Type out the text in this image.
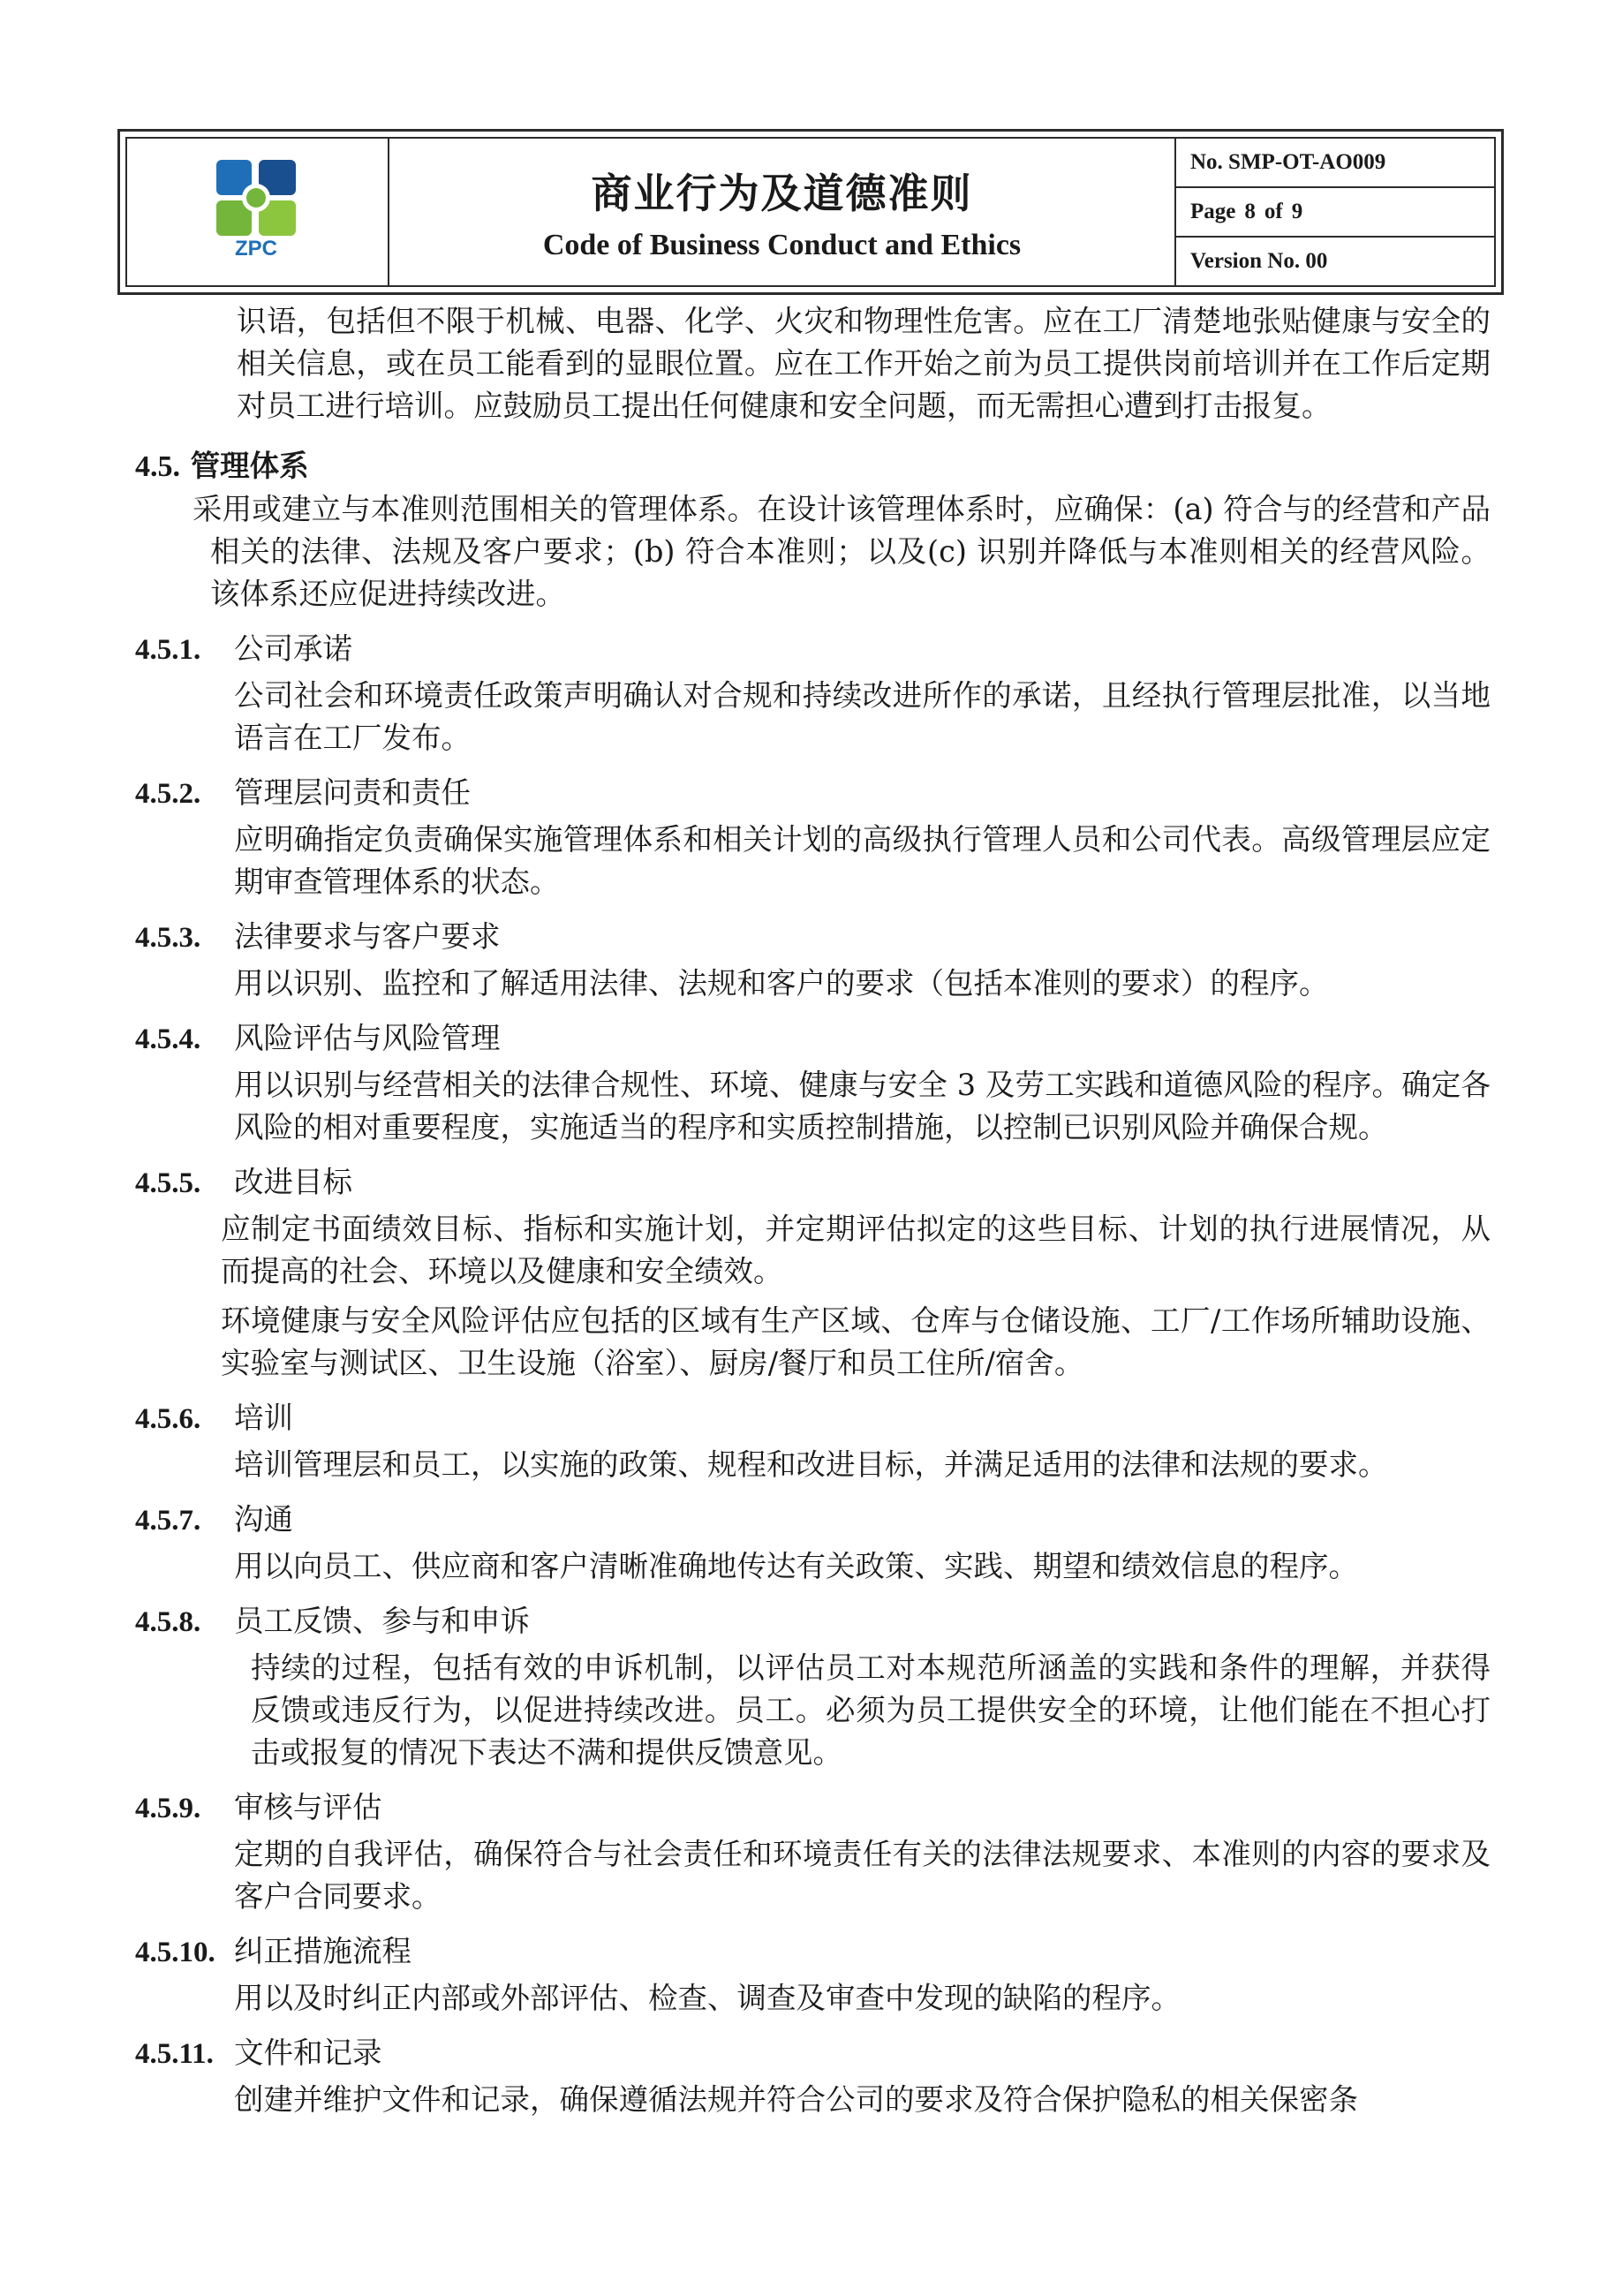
ZPC
商业行为及道德准则
Code of Business Conduct and Ethics
No. SMP-OT-AO009
Page 8 of 9
Version No. 00

识语，包括但不限于机械、电器、化学、火灾和物理性危害。应在工厂清楚地张贴健康与安全的相关信息，或在员工能看到的显眼位置。应在工作开始之前为员工提供岗前培训并在工作后定期对员工进行培训。应鼓励员工提出任何健康和安全问题，而无需担心遭到打击报复。

4.5. 管理体系

采用或建立与本准则范围相关的管理体系。在设计该管理体系时，应确保：(a) 符合与的经营和产品相关的法律、法规及客户要求；(b) 符合本准则；以及(c) 识别并降低与本准则相关的经营风险。该体系还应促进持续改进。

4.5.1.	公司承诺

公司社会和环境责任政策声明确认对合规和持续改进所作的承诺，且经执行管理层批准，以当地语言在工厂发布。

4.5.2.	管理层问责和责任

应明确指定负责确保实施管理体系和相关计划的高级执行管理人员和公司代表。高级管理层应定期审查管理体系的状态。

4.5.3.	法律要求与客户要求

用以识别、监控和了解适用法律、法规和客户的要求（包括本准则的要求）的程序。

4.5.4.	风险评估与风险管理

用以识别与经营相关的法律合规性、环境、健康与安全 3 及劳工实践和道德风险的程序。确定各风险的相对重要程度，实施适当的程序和实质控制措施，以控制已识别风险并确保合规。

4.5.5.	改进目标

应制定书面绩效目标、指标和实施计划，并定期评估拟定的这些目标、计划的执行进展情况，从而提高的社会、环境以及健康和安全绩效。

环境健康与安全风险评估应包括的区域有生产区域、仓库与仓储设施、工厂/工作场所辅助设施、实验室与测试区、卫生设施（浴室）、厨房/餐厅和员工住所/宿舍。

4.5.6.	培训

培训管理层和员工，以实施的政策、规程和改进目标，并满足适用的法律和法规的要求。

4.5.7.	沟通

用以向员工、供应商和客户清晰准确地传达有关政策、实践、期望和绩效信息的程序。

4.5.8.	员工反馈、参与和申诉

持续的过程，包括有效的申诉机制，以评估员工对本规范所涵盖的实践和条件的理解，并获得反馈或违反行为，以促进持续改进。员工。必须为员工提供安全的环境，让他们能在不担心打击或报复的情况下表达不满和提供反馈意见。

4.5.9.	审核与评估

定期的自我评估，确保符合与社会责任和环境责任有关的法律法规要求、本准则的内容的要求及客户合同要求。

4.5.10. 纠正措施流程

用以及时纠正内部或外部评估、检查、调查及审查中发现的缺陷的程序。

4.5.11. 文件和记录

创建并维护文件和记录，确保遵循法规并符合公司的要求及符合保护隐私的相关保密条
